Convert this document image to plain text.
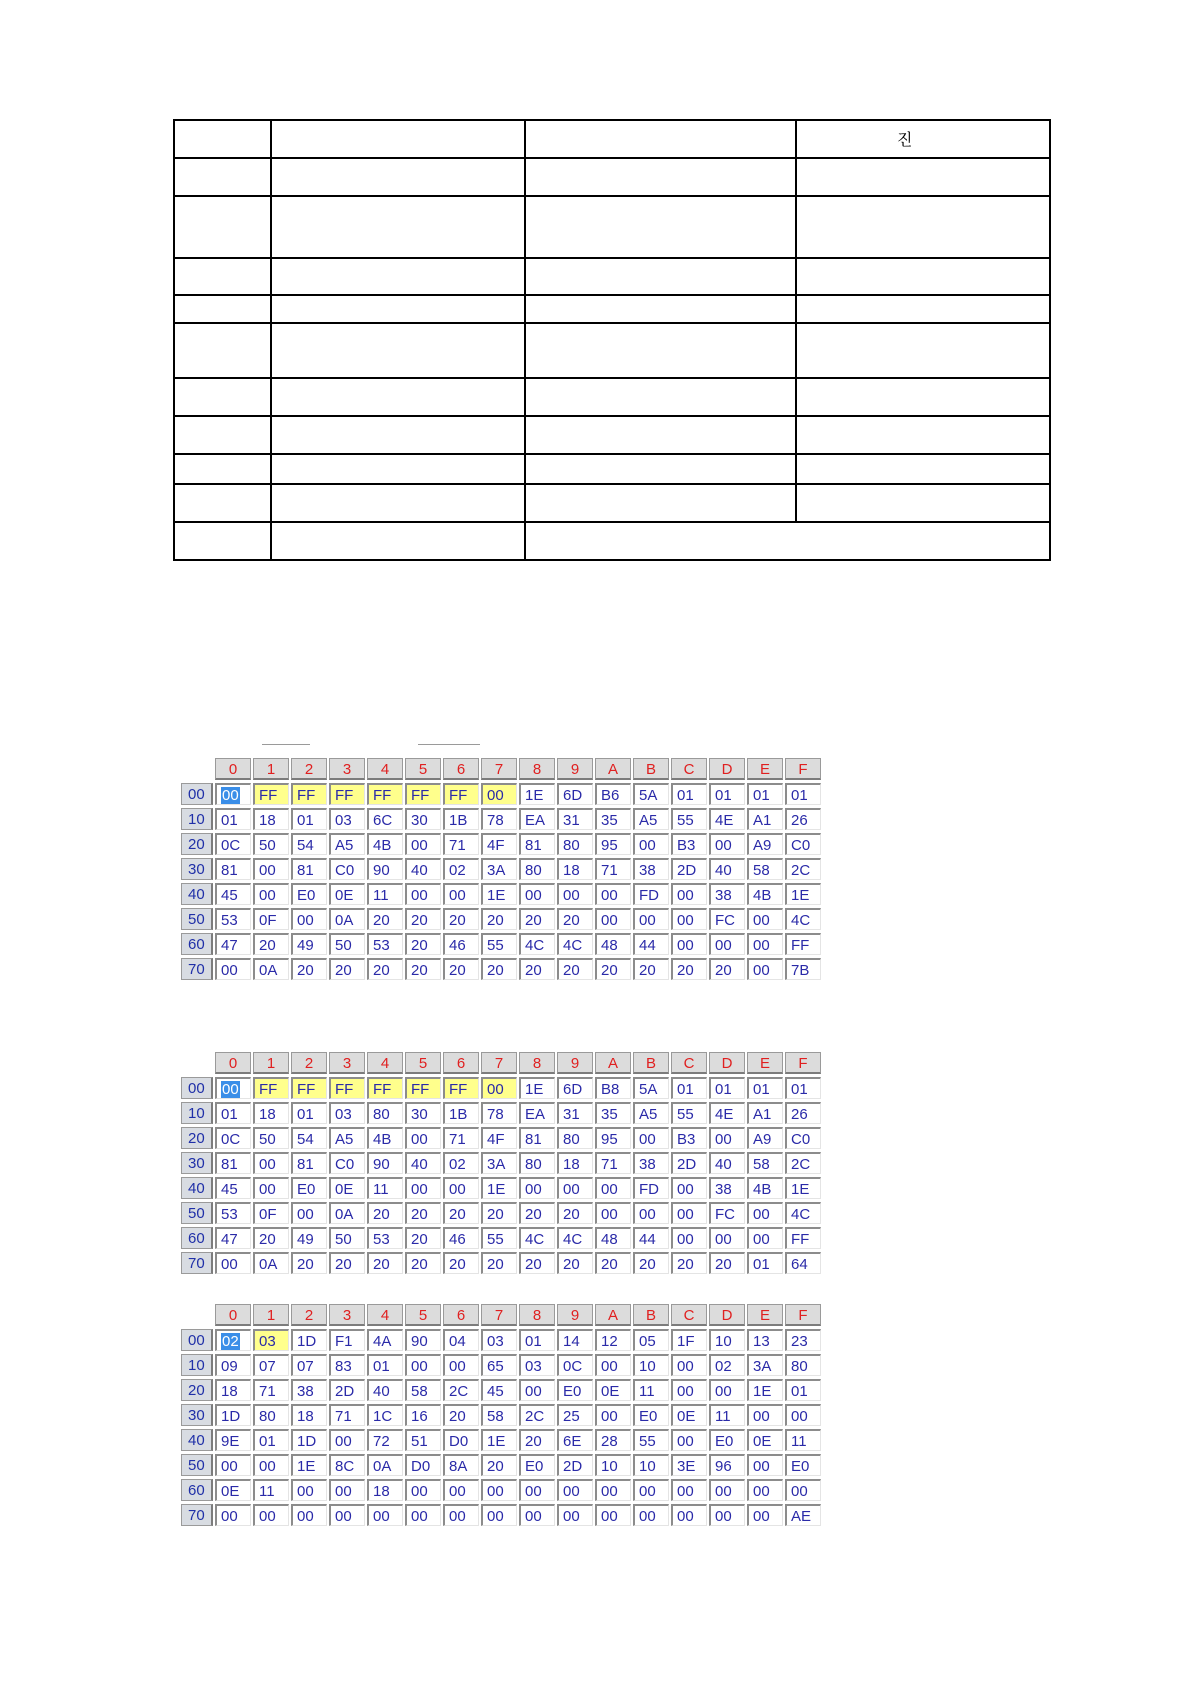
			진

0	1	2	3	4	5	6	7	8	9	A	B	C	D	E	F
00	00	FF	FF	FF	FF	FF	FF	00	1E	6D	B6	5A	01	01	01	01
10	01	18	01	03	6C	30	1B	78	EA	31	35	A5	55	4E	A1	26
20	0C	50	54	A5	4B	00	71	4F	81	80	95	00	B3	00	A9	C0
30	81	00	81	C0	90	40	02	3A	80	18	71	38	2D	40	58	2C
40	45	00	E0	0E	11	00	00	1E	00	00	00	FD	00	38	4B	1E
50	53	0F	00	0A	20	20	20	20	20	20	00	00	00	FC	00	4C
60	47	20	49	50	53	20	46	55	4C	4C	48	44	00	00	00	FF
70	00	0A	20	20	20	20	20	20	20	20	20	20	20	20	00	7B
0	1	2	3	4	5	6	7	8	9	A	B	C	D	E	F
00	00	FF	FF	FF	FF	FF	FF	00	1E	6D	B8	5A	01	01	01	01
10	01	18	01	03	80	30	1B	78	EA	31	35	A5	55	4E	A1	26
20	0C	50	54	A5	4B	00	71	4F	81	80	95	00	B3	00	A9	C0
30	81	00	81	C0	90	40	02	3A	80	18	71	38	2D	40	58	2C
40	45	00	E0	0E	11	00	00	1E	00	00	00	FD	00	38	4B	1E
50	53	0F	00	0A	20	20	20	20	20	20	00	00	00	FC	00	4C
60	47	20	49	50	53	20	46	55	4C	4C	48	44	00	00	00	FF
70	00	0A	20	20	20	20	20	20	20	20	20	20	20	20	01	64
0	1	2	3	4	5	6	7	8	9	A	B	C	D	E	F
00	02	03	1D	F1	4A	90	04	03	01	14	12	05	1F	10	13	23
10	09	07	07	83	01	00	00	65	03	0C	00	10	00	02	3A	80
20	18	71	38	2D	40	58	2C	45	00	E0	0E	11	00	00	1E	01
30	1D	80	18	71	1C	16	20	58	2C	25	00	E0	0E	11	00	00
40	9E	01	1D	00	72	51	D0	1E	20	6E	28	55	00	E0	0E	11
50	00	00	1E	8C	0A	D0	8A	20	E0	2D	10	10	3E	96	00	E0
60	0E	11	00	00	18	00	00	00	00	00	00	00	00	00	00	00
70	00	00	00	00	00	00	00	00	00	00	00	00	00	00	00	AE
